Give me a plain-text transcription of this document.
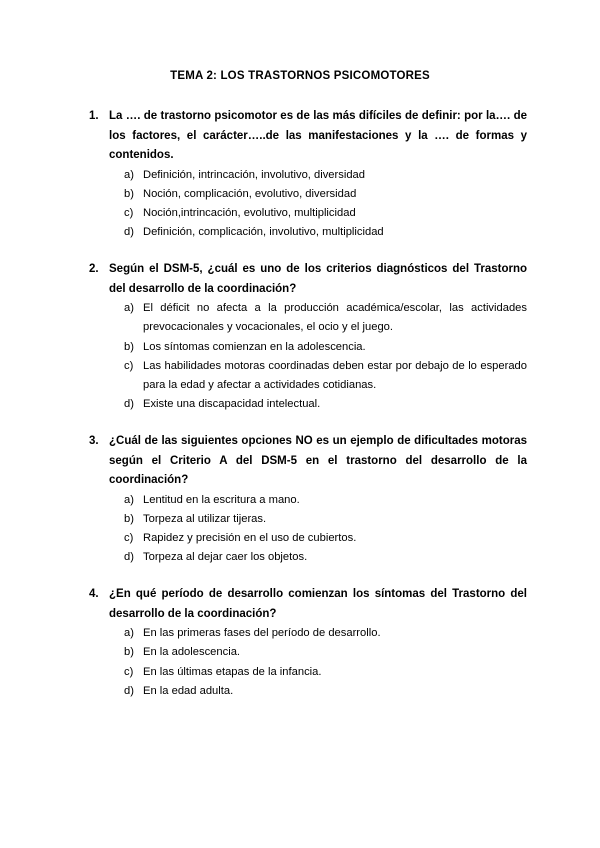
TEMA 2: LOS TRASTORNOS PSICOMOTORES
1. La …. de trastorno psicomotor es de las más difíciles de definir: por la…. de los factores, el carácter…..de las manifestaciones y la …. de formas y contenidos.
a) Definición, intrincación, involutivo, diversidad
b) Noción, complicación, evolutivo, diversidad
c) Noción,intrincación, evolutivo, multiplicidad
d) Definición, complicación, involutivo, multiplicidad
2. Según el DSM-5, ¿cuál es uno de los criterios diagnósticos del Trastorno del desarrollo de la coordinación?
a) El déficit no afecta a la producción académica/escolar, las actividades prevocacionales y vocacionales, el ocio y el juego.
b) Los síntomas comienzan en la adolescencia.
c) Las habilidades motoras coordinadas deben estar por debajo de lo esperado para la edad y afectar a actividades cotidianas.
d) Existe una discapacidad intelectual.
3. ¿Cuál de las siguientes opciones NO es un ejemplo de dificultades motoras según el Criterio A del DSM-5 en el trastorno del desarrollo de la coordinación?
a) Lentitud en la escritura a mano.
b) Torpeza al utilizar tijeras.
c) Rapidez y precisión en el uso de cubiertos.
d) Torpeza al dejar caer los objetos.
4. ¿En qué período de desarrollo comienzan los síntomas del Trastorno del desarrollo de la coordinación?
a) En las primeras fases del período de desarrollo.
b) En la adolescencia.
c) En las últimas etapas de la infancia.
d) En la edad adulta.
